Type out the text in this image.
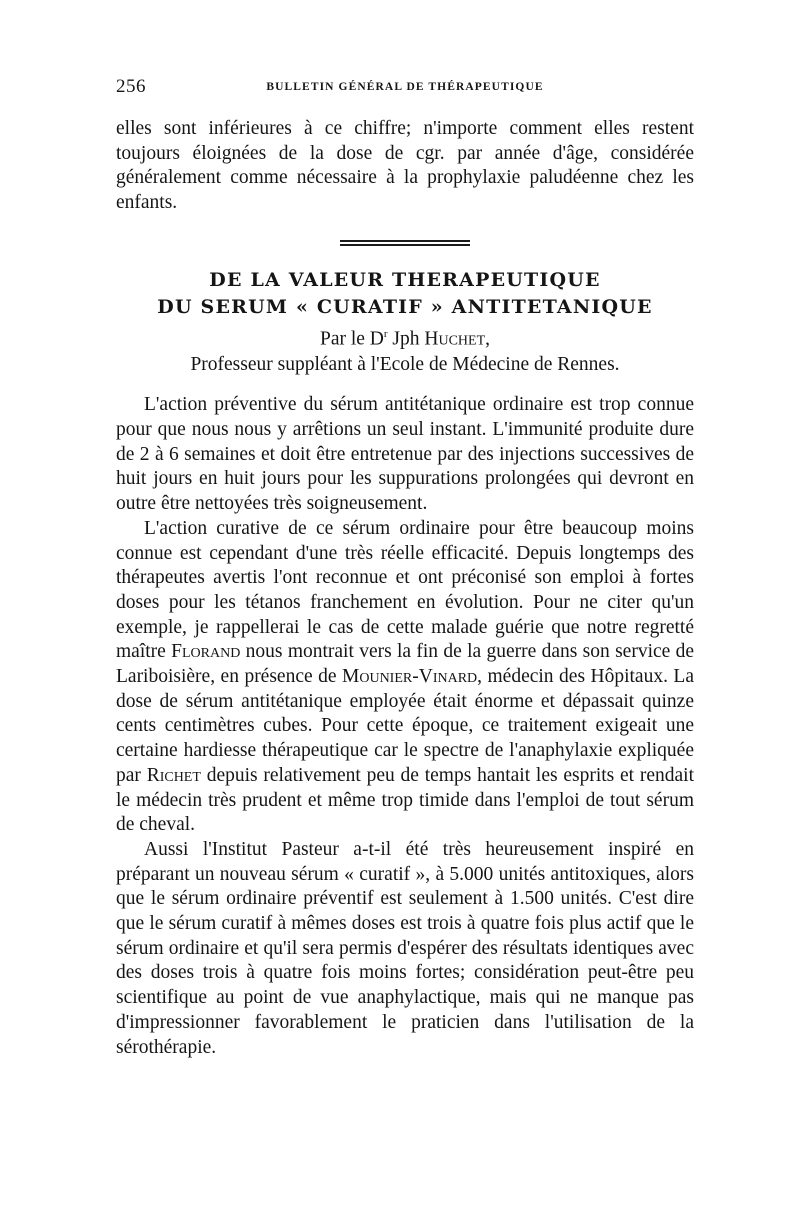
256	BULLETIN GÉNÉRAL DE THÉRAPEUTIQUE

elles sont inférieures à ce chiffre; n'importe comment elles restent toujours éloignées de la dose de cgr. par année d'âge, considérée généralement comme nécessaire à la prophylaxie paludéenne chez les enfants.

DE LA VALEUR THERAPEUTIQUE
DU SERUM « CURATIF » ANTITETANIQUE
Par le $D^r$ Jph Huchet,
Professeur suppléant à l'Ecole de Médecine de Rennes.

L'action préventive du sérum antitétanique ordinaire est trop connue pour que nous nous y arrêtions un seul instant. L'immunité produite dure de 2 à 6 semaines et doit être entretenue par des injections successives de huit jours en huit jours pour les suppurations prolongées qui devront en outre être nettoyées très soigneusement.

L'action curative de ce sérum ordinaire pour être beaucoup moins connue est cependant d'une très réelle efficacité. Depuis longtemps des thérapeutes avertis l'ont reconnue et ont préconisé son emploi à fortes doses pour les tétanos franchement en évolution. Pour ne citer qu'un exemple, je rappellerai le cas de cette malade guérie que notre regretté maître Florand nous montrait vers la fin de la guerre dans son service de Lariboisière, en présence de Mounier-Vinard, médecin des Hôpitaux. La dose de sérum antitétanique employée était énorme et dépassait quinze cents centimètres cubes. Pour cette époque, ce traitement exigeait une certaine hardiesse thérapeutique car le spectre de l'anaphylaxie expliquée par Richet depuis relativement peu de temps hantait les esprits et rendait le médecin très prudent et même trop timide dans l'emploi de tout sérum de cheval.

Aussi l'Institut Pasteur a-t-il été très heureusement inspiré en préparant un nouveau sérum « curatif », à 5.000 unités antitoxiques, alors que le sérum ordinaire préventif est seulement à 1.500 unités. C'est dire que le sérum curatif à mêmes doses est trois à quatre fois plus actif que le sérum ordinaire et qu'il sera permis d'espérer des résultats identiques avec des doses trois à quatre fois moins fortes; considération peut-être peu scientifique au point de vue anaphylactique, mais qui ne manque pas d'impressionner favorablement le praticien dans l'utilisation de la sérothérapie.
